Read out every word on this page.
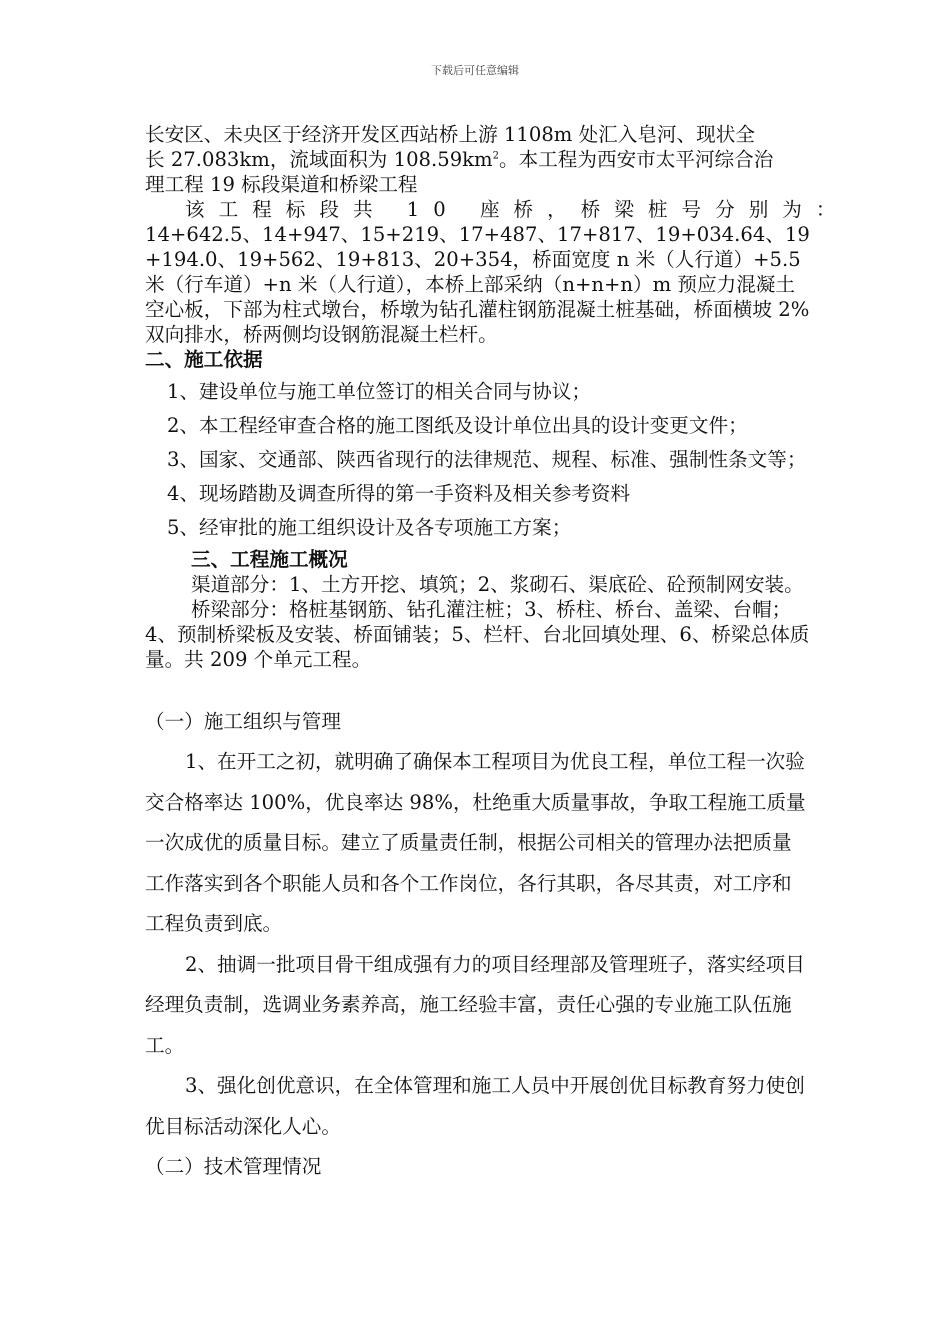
下载后可任意编辑
长安区、未央区于经济开发区西站桥上游 1108m 处汇入皂河、现状全
长 27.083km，流域面积为 $108.59km^2$。本工程为西安市太平河综合治
理工程 19 标段渠道和桥梁工程
该工程标段共 10 座桥，桥梁桩号分别为：
14+642.5、14+947、15+219、17+487、17+817、19+034.64、19+194.0、19+562、19+813、20+354，桥面宽度 n 米（人行道）+5.5 米（行车道）+n 米（人行道），本桥上部采纳（n+n+n）m 预应力混凝土空心板，下部为柱式墩台，桥墩为钻孔灌柱钢筋混凝土桩基础，桥面横坡 2%双向排水，桥两侧均设钢筋混凝土栏杆。
二、施工依据
1、建设单位与施工单位签订的相关合同与协议；
2、本工程经审查合格的施工图纸及设计单位出具的设计变更文件；
3、国家、交通部、陕西省现行的法律规范、规程、标准、强制性条文等；
4、现场踏勘及调查所得的第一手资料及相关参考资料
5、经审批的施工组织设计及各专项施工方案；
三、工程施工概况
渠道部分：1、土方开挖、填筑；2、浆砌石、渠底砼、砼预制网安装。
桥梁部分：格桩基钢筋、钻孔灌注桩；3、桥柱、桥台、盖梁、台帽；
4、预制桥梁板及安装、桥面铺装；5、栏杆、台北回填处理、6、桥梁总体质量。共 209 个单元工程。
（一）施工组织与管理
1、在开工之初，就明确了确保本工程项目为优良工程，单位工程一次验交合格率达 100%，优良率达 98%，杜绝重大质量事故，争取工程施工质量一次成优的质量目标。建立了质量责任制，根据公司相关的管理办法把质量工作落实到各个职能人员和各个工作岗位，各行其职，各尽其责，对工序和工程负责到底。
2、抽调一批项目骨干组成强有力的项目经理部及管理班子，落实经项目经理负责制，选调业务素养高，施工经验丰富，责任心强的专业施工队伍施工。
3、强化创优意识，在全体管理和施工人员中开展创优目标教育努力使创优目标活动深化人心。
（二）技术管理情况
